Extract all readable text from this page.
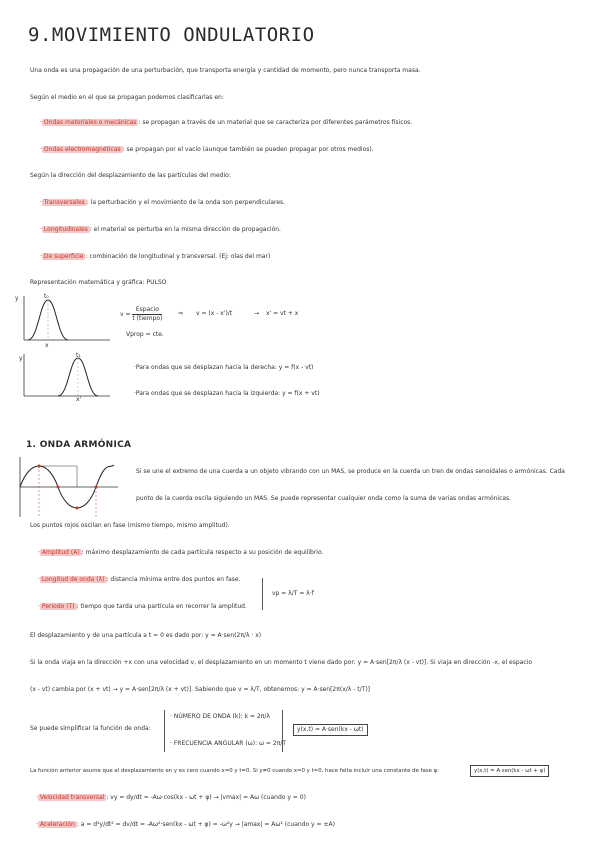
9.MOVIMIENTO ONDULATORIO
Una onda es una propagación de una perturbación, que transporta energía y cantidad de momento, pero nunca transporta masa.
Según el medio en el que se propagan podemos clasificarlas en:
· Ondas materiales o mecánicas : se propagan a través de un material que se caracteriza por diferentes parámetros físicos.
· Ondas electromagnéticas : se propagan por el vacío (aunque también se pueden propagar por otros medios).
Según la dirección del desplazamiento de las partículas del medio:
· Transversales : la perturbación y el movimiento de la onda son perpendiculares.
· Longitudinales : el material se perturba en la misma dirección de propagación.
· De superficie : combinación de longitudinal y transversal. (Ej: olas del mar)
Representación matemática y gráfica: PULSO
y	t₀
x
y	t₁
x'
v =
Espacio
t (tiempo)
Vprop = cte.
⇒ v = (x - x')/t	→ x' = vt + x
·Para ondas que se desplazan hacia la derecha: y = f(x - vt)
·Para ondas que se desplazan hacia la izquierda: y = f(x + vt)
1. ONDA ARMÓNICA
Si se une el extremo de una cuerda a un objeto vibrando con un MAS, se produce en la cuerda un tren de ondas senoidales o armónicas. Cada
punto de la cuerda oscila siguiendo un MAS. Se puede representar cualquier onda como la suma de varias ondas armónicas.
Los puntos rojos oscilan en fase (mismo tiempo, mismo amplitud).
· Amplitud (A) : máximo desplazamiento de cada partícula respecto a su posición de equilibrio.
· Longitud de onda (λ) : distancia mínima entre dos puntos en fase.
· Periodo (T) : tiempo que tarda una partícula en recorrer la amplitud.
vp = λ/T = λ·f
El desplazamiento y de una partícula a t = 0 es dado por: y = A·sen(2π/λ · x)
Si la onda viaja en la dirección +x con una velocidad v, el desplazamiento en un momento t viene dado por: y = A·sen[2π/λ (x - vt)]. Si viaja en dirección -x, el espacio
(x - vt) cambia por (x + vt) → y = A·sen[2π/λ (x + vt)]. Sabiendo que v = λ/T, obtenemos: y = A·sen[2π(x/λ - t/T)]
Se puede simplificar la función de onda:
· NÚMERO DE ONDA (k): k = 2π/λ
· FRECUENCIA ANGULAR (ω): ω = 2π/T
y(x,t) = A·sen(kx - ωt)
La función anterior asume que el desplazamiento en y es cero cuando x=0 y t=0. Si y≠0 cuando x=0 y t=0, hace falta incluir una constante de fase φ:	y(x,t) = A·sen(kx - ωt + φ)
· Velocidad transversal : vy = dy/dt = -Aω·cos(kx - ωt + φ) → |vmax| = Aω (cuando y = 0)
· Aceleración : a = d²y/dt² = dv/dt = -Aω²·sen(kx - ωt + φ) = -ω²y → |amax| = Aω² (cuando y = ±A)
